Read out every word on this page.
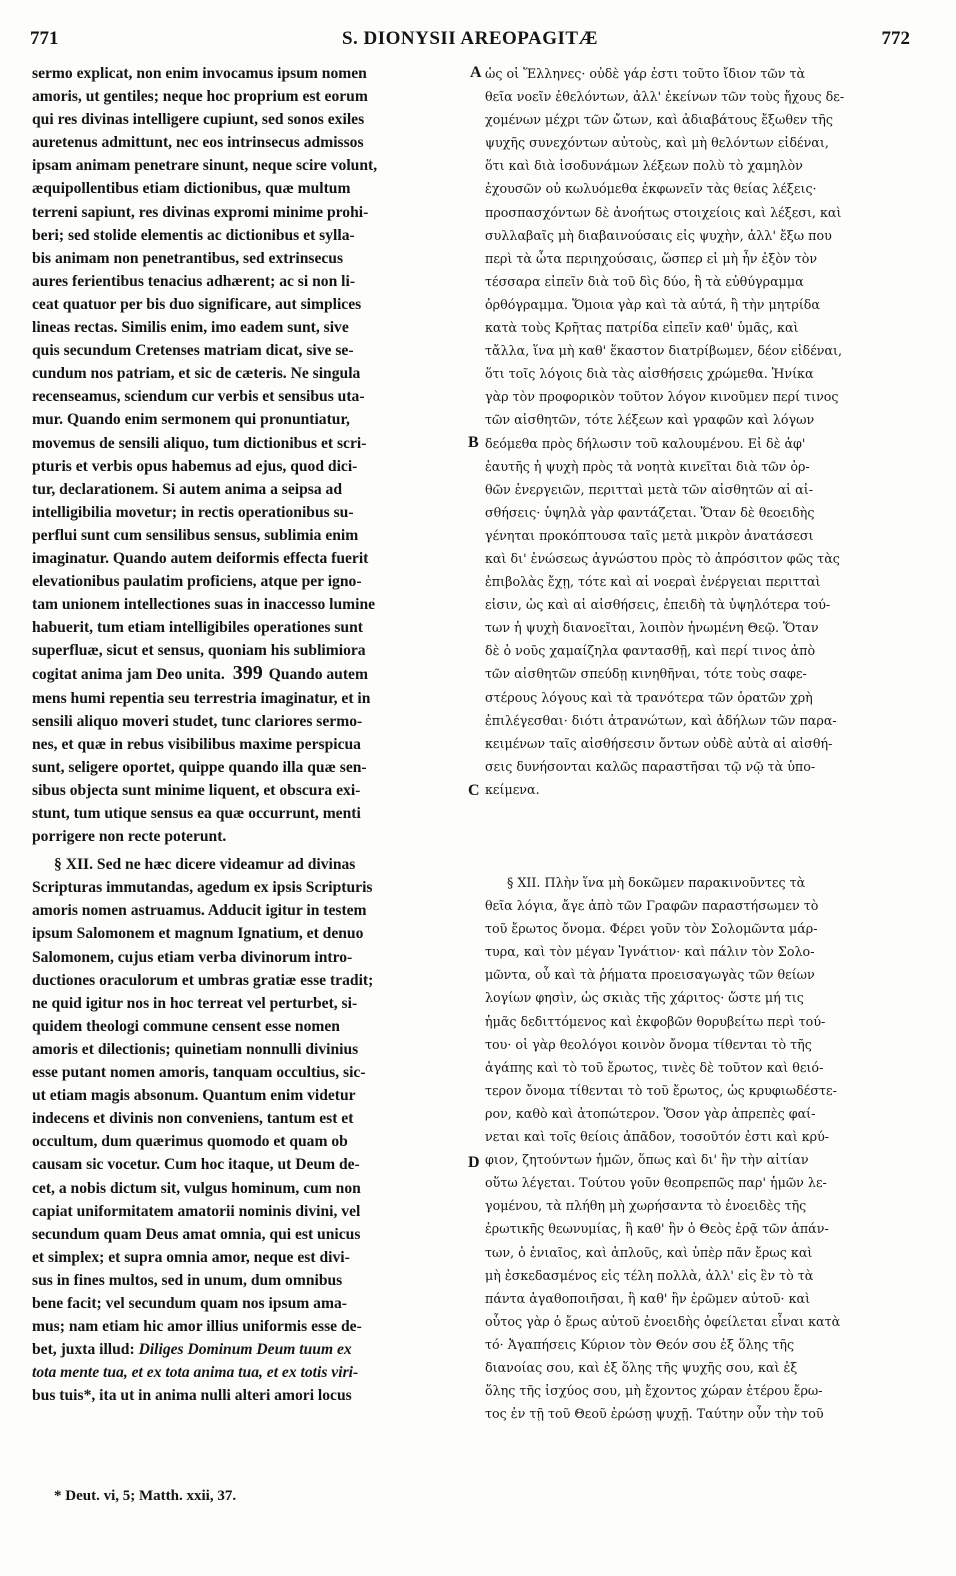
771	S. DIONYSII AREOPAGITÆ	772
sermo explicat, non enim invocamus ipsum nomen
amoris, ut gentiles; neque hoc proprium est eorum
qui res divinas intelligere cupiunt, sed sonos exiles
auretenus admittunt, nec eos intrinsecus admissos
ipsam animam penetrare sinunt, neque scire volunt,
æquipollentibus etiam dictionibus, quæ multum
terreni sapiunt, res divinas expromi minime prohi-
beri; sed stolide elementis ac dictionibus et sylla-
bis animam non penetrantibus, sed extrinsecus
aures ferientibus tenacius adhærent; ac si non li-
ceat quatuor per bis duo significare, aut simplices
lineas rectas. Similis enim, imo eadem sunt, sive
quis secundum Cretenses matriam dicat, sive se-
cundum nos patriam, et sic de cæteris. Ne singula
recenseamus, sciendum cur verbis et sensibus uta-
mur. Quando enim sermonem qui pronuntiatur,
movemus de sensili aliquo, tum dictionibus et scri-
pturis et verbis opus habemus ad ejus, quod dici-
tur, declarationem. Si autem anima a seipsa ad
intelligibilia movetur; in rectis operationibus su-
perflui sunt cum sensilibus sensus, sublimia enim
imaginatur. Quando autem deiformis effecta fuerit
elevationibus paulatim proficiens, atque per igno-
tam unionem intellectiones suas in inaccesso lumine
habuerit, tum etiam intelligibiles operationes sunt
superfluæ, sicut et sensus, quoniam his sublimiora
cogitat anima jam Deo unita. 399 Quando autem
mens humi repentia seu terrestria imaginatur, et in
sensili aliquo moveri studet, tunc clariores sermo-
nes, et quæ in rebus visibilibus maxime perspicua
sunt, seligere oportet, quippe quando illa quæ sen-
sibus objecta sunt minime liquent, et obscura exi-
stunt, tum utique sensus ea quæ occurrunt, menti
porrigere non recte poterunt.
§ XII. Sed ne hæc dicere videamur ad divinas
Scripturas immutandas, agedum ex ipsis Scripturis
amoris nomen astruamus. Adducit igitur in testem
ipsum Salomonem et magnum Ignatium, et denuo
Salomonem, cujus etiam verba divinorum intro-
ductiones oraculorum et umbras gratiæ esse tradit;
ne quid igitur nos in hoc terreat vel perturbet, si-
quidem theologi commune censent esse nomen
amoris et dilectionis; quinetiam nonnulli divinius
esse putant nomen amoris, tanquam occultius, sic-
ut etiam magis absonum. Quantum enim videtur
indecens et divinis non conveniens, tantum est et
occultum, dum quærimus quomodo et quam ob
causam sic vocetur. Cum hoc itaque, ut Deum de-
cet, a nobis dictum sit, vulgus hominum, cum non
capiat uniformitatem amatorii nominis divini, vel
secundum quam Deus amat omnia, qui est unicus
et simplex; et supra omnia amor, neque est divi-
sus in fines multos, sed in unum, dum omnibus
bene facit; vel secundum quam nos ipsum ama-
mus; nam etiam hic amor illius uniformis esse de-
bet, juxta illud: Diliges Dominum Deum tuum ex
tota mente tua, et ex tota anima tua, et ex totis viri-
bus tuis*, ita ut in anima nulli alteri amori locus
ὡς οἱ Ἕλληνες· οὐδὲ γάρ ἐστι τοῦτο ἴδιον τῶν τὰ
θεῖα νοεῖν ἐθελόντων, ἀλλ' ἐκείνων τῶν τοὺς ἤχους δε-
χομένων μέχρι τῶν ὤτων, καὶ ἀδιαβάτους ἔξωθεν τῆς
ψυχῆς συνεχόντων αὐτοὺς, καὶ μὴ θελόντων εἰδέναι,
ὅτι καὶ διὰ ἰσοδυνάμων λέξεων πολὺ τὸ χαμηλὸν
ἐχουσῶν οὐ κωλυόμεθα ἐκφωνεῖν τὰς θείας λέξεις·
προσπασχόντων δὲ ἀνοήτως στοιχείοις καὶ λέξεσι, καὶ
συλλαβαῖς μὴ διαβαινούσαις εἰς ψυχὴν, ἀλλ' ἔξω που
περὶ τὰ ὦτα περιηχούσαις, ὥσπερ εἰ μὴ ἦν ἐξὸν τὸν
τέσσαρα εἰπεῖν διὰ τοῦ δὶς δύο, ἢ τὰ εὐθύγραμμα
ὀρθόγραμμα. Ὅμοια γὰρ καὶ τὰ αὐτά, ἢ τὴν μητρίδα
κατὰ τοὺς Κρῆτας πατρίδα εἰπεῖν καθ' ὑμᾶς, καὶ
τἄλλα, ἵνα μὴ καθ' ἕκαστον διατρίβωμεν, δέον εἰδέναι,
ὅτι τοῖς λόγοις διὰ τὰς αἰσθήσεις χρώμεθα. Ἡνίκα
γὰρ τὸν προφορικὸν τοῦτον λόγον κινοῦμεν περί τινος
τῶν αἰσθητῶν, τότε λέξεων καὶ γραφῶν καὶ λόγων
δεόμεθα πρὸς δήλωσιν τοῦ καλουμένου. Εἰ δὲ ἀφ'
ἑαυτῆς ἡ ψυχὴ πρὸς τὰ νοητὰ κινεῖται διὰ τῶν ὀρ-
θῶν ἐνεργειῶν, περιτταὶ μετὰ τῶν αἰσθητῶν αἱ αἰ-
σθήσεις· ὑψηλὰ γὰρ φαντάζεται. Ὅταν δὲ θεοειδὴς
γένηται προκόπτουσα ταῖς μετὰ μικρὸν ἀνατάσεσι
καὶ δι' ἑνώσεως ἀγνώστου πρὸς τὸ ἀπρόσιτον φῶς τὰς
ἐπιβολὰς ἔχῃ, τότε καὶ αἱ νοεραὶ ἐνέργειαι περιτταὶ
εἰσιν, ὡς καὶ αἱ αἰσθήσεις, ἐπειδὴ τὰ ὑψηλότερα τού-
των ἡ ψυχὴ διανοεῖται, λοιπὸν ἡνωμένη Θεῷ. Ὅταν
δὲ ὁ νοῦς χαμαίζηλα φαντασθῇ, καὶ περί τινος ἀπὸ
τῶν αἰσθητῶν σπεύδῃ κινηθῆναι, τότε τοὺς σαφε-
στέρους λόγους καὶ τὰ τρανότερα τῶν ὁρατῶν χρὴ
ἐπιλέγεσθαι· διότι ἀτρανώτων, καὶ ἀδήλων τῶν παρα-
κειμένων ταῖς αἰσθήσεσιν ὄντων οὐδὲ αὐτὰ αἱ αἰσθή-
σεις δυνήσονται καλῶς παραστῆσαι τῷ νῷ τὰ ὑπο-
κείμενα.
§ XII. Πλὴν ἵνα μὴ δοκῶμεν παρακινοῦντες τὰ
θεῖα λόγια, ἄγε ἀπὸ τῶν Γραφῶν παραστήσωμεν τὸ
τοῦ ἔρωτος ὄνομα. Φέρει γοῦν τὸν Σολομῶντα μάρ-
τυρα, καὶ τὸν μέγαν Ἰγνάτιον· καὶ πάλιν τὸν Σολο-
μῶντα, οὗ καὶ τὰ ῥήματα προεισαγωγὰς τῶν θείων
λογίων φησὶν, ὡς σκιὰς τῆς χάριτος· ὥστε μή τις
ἡμᾶς δεδιττόμενος καὶ ἐκφοβῶν θορυβείτω περὶ τού-
του· οἱ γὰρ θεολόγοι κοινὸν ὄνομα τίθενται τὸ τῆς
ἀγάπης καὶ τὸ τοῦ ἔρωτος, τινὲς δὲ τοῦτον καὶ θειό-
τερον ὄνομα τίθενται τὸ τοῦ ἔρωτος, ὡς κρυφιωδέστε-
ρον, καθὸ καὶ ἀτοπώτερον. Ὅσον γὰρ ἀπρεπὲς φαί-
νεται καὶ τοῖς θείοις ἀπᾶδον, τοσοῦτόν ἐστι καὶ κρύ-
φιον, ζητούντων ἡμῶν, ὅπως καὶ δι' ἣν τὴν αἰτίαν
οὕτω λέγεται. Τούτου γοῦν θεοπρεπῶς παρ' ἡμῶν λε-
γομένου, τὰ πλήθη μὴ χωρήσαντα τὸ ἑνοειδὲς τῆς
ἐρωτικῆς θεωνυμίας, ἢ καθ' ἣν ὁ Θεὸς ἐρᾷ τῶν ἁπάν-
των, ὁ ἑνιαῖος, καὶ ἁπλοῦς, καὶ ὑπὲρ πᾶν ἔρως καὶ
μὴ ἐσκεδασμένος εἰς τέλη πολλὰ, ἀλλ' εἰς ἓν τὸ τὰ
πάντα ἀγαθοποιῆσαι, ἢ καθ' ἣν ἐρῶμεν αὐτοῦ· καὶ
οὗτος γὰρ ὁ ἔρως αὐτοῦ ἑνοειδὴς ὀφείλεται εἶναι κατὰ
τό· Ἀγαπήσεις Κύριον τὸν Θεόν σου ἐξ ὅλης τῆς
διανοίας σου, καὶ ἐξ ὅλης τῆς ψυχῆς σου, καὶ ἐξ
ὅλης τῆς ἰσχύος σου, μὴ ἔχοντος χώραν ἑτέρου ἔρω-
τος ἐν τῇ τοῦ Θεοῦ ἐρώσῃ ψυχῇ. Ταύτην οὖν τὴν τοῦ
A
B
C
D
* Deut. vi, 5; Matth. xxii, 37.
